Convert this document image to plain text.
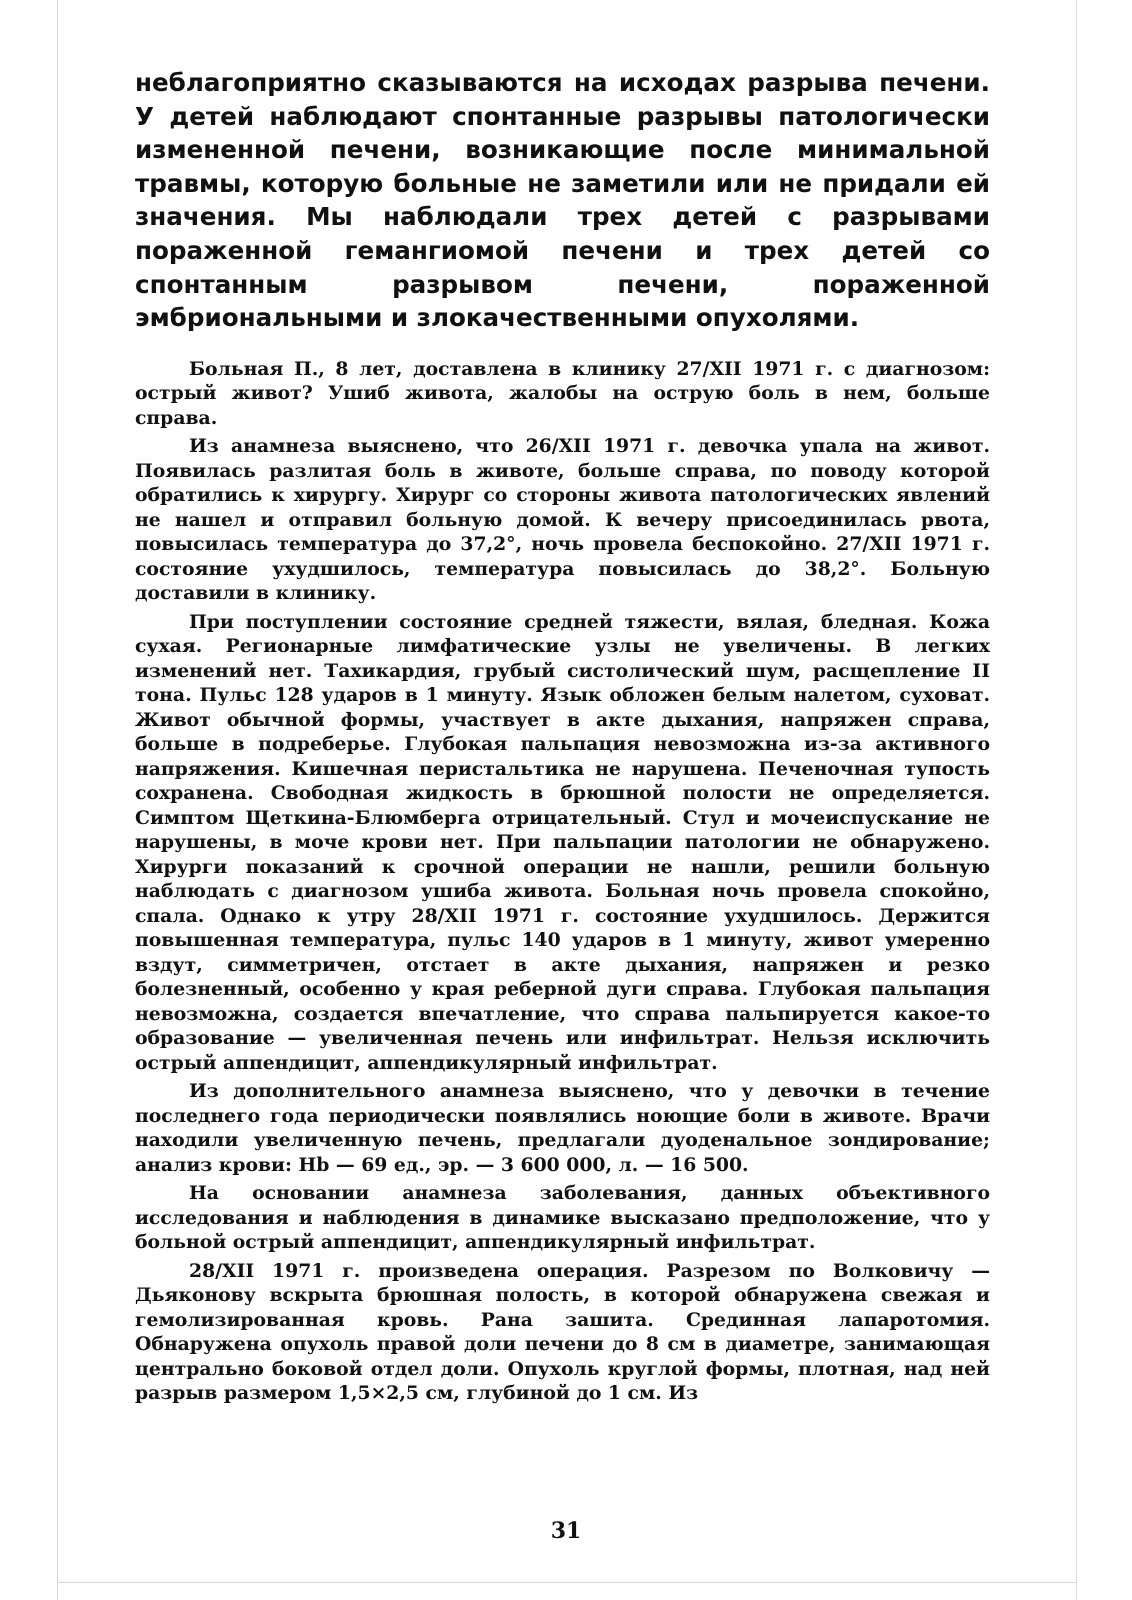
неблагоприятно сказываются на исходах разрыва печени. У детей наблюдают спонтанные разрывы патологически измененной печени, возникающие после минимальной травмы, которую больные не заметили или не придали ей значения. Мы наблюдали трех детей с разрывами пораженной гемангиомой печени и трех детей со спонтанным разрывом печени, пораженной эмбриональными и злокачественными опухолями.

Больная П., 8 лет, доставлена в клинику 27/XII 1971 г. с диагнозом: острый живот? Ушиб живота, жалобы на острую боль в нем, больше справа.

Из анамнеза выяснено, что 26/XII 1971 г. девочка упала на живот. Появилась разлитая боль в животе, больше справа, по поводу которой обратились к хирургу. Хирург со стороны живота патологических явлений не нашел и отправил больную домой. К вечеру присоединилась рвота, повысилась температура до 37,2°, ночь провела беспокойно. 27/XII 1971 г. состояние ухудшилось, температура повысилась до 38,2°. Больную доставили в клинику.

При поступлении состояние средней тяжести, вялая, бледная. Кожа сухая. Регионарные лимфатические узлы не увеличены. В легких изменений нет. Тахикардия, грубый систолический шум, расщепление II тона. Пульс 128 ударов в 1 минуту. Язык обложен белым налетом, суховат. Живот обычной формы, участвует в акте дыхания, напряжен справа, больше в подреберье. Глубокая пальпация невозможна из-за активного напряжения. Кишечная перистальтика не нарушена. Печеночная тупость сохранена. Свободная жидкость в брюшной полости не определяется. Симптом Щеткина-Блюмберга отрицательный. Стул и мочеиспускание не нарушены, в моче крови нет. При пальпации патологии не обнаружено. Хирурги показаний к срочной операции не нашли, решили больную наблюдать с диагнозом ушиба живота. Больная ночь провела спокойно, спала. Однако к утру 28/XII 1971 г. состояние ухудшилось. Держится повышенная температура, пульс 140 ударов в 1 минуту, живот умеренно вздут, симметричен, отстает в акте дыхания, напряжен и резко болезненный, особенно у края реберной дуги справа. Глубокая пальпация невозможна, создается впечатление, что справа пальпируется какое-то образование — увеличенная печень или инфильтрат. Нельзя исключить острый аппендицит, аппендикулярный инфильтрат.

Из дополнительного анамнеза выяснено, что у девочки в течение последнего года периодически появлялись ноющие боли в животе. Врачи находили увеличенную печень, предлагали дуоденальное зондирование; анализ крови: Hb — 69 ед., эр. — 3 600 000, л. — 16 500.

На основании анамнеза заболевания, данных объективного исследования и наблюдения в динамике высказано предположение, что у больной острый аппендицит, аппендикулярный инфильтрат.

28/XII 1971 г. произведена операция. Разрезом по Волковичу — Дьяконову вскрыта брюшная полость, в которой обнаружена свежая и гемолизированная кровь. Рана зашита. Срединная лапаротомия. Обнаружена опухоль правой доли печени до 8 см в диаметре, занимающая центрально боковой отдел доли. Опухоль круглой формы, плотная, над ней разрыв размером 1,5×2,5 см, глубиной до 1 см. Из

31
